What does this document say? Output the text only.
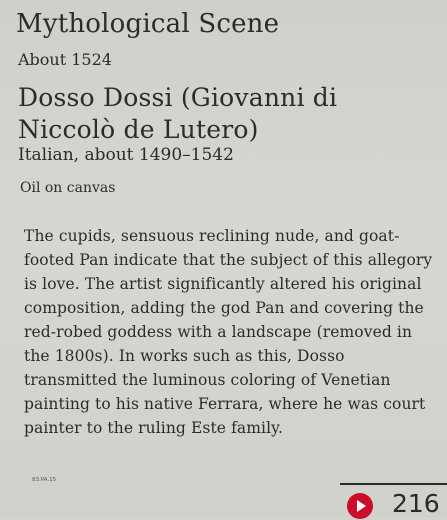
Mythological Scene
About 1524
Dosso Dossi (Giovanni di Niccolò de Lutero)
Italian, about 1490–1542
Oil on canvas
The cupids, sensuous reclining nude, and goat-footed Pan indicate that the subject of this allegory is love. The artist significantly altered his original composition, adding the god Pan and covering the red-robed goddess with a landscape (removed in the 1800s). In works such as this, Dosso transmitted the luminous coloring of Venetian painting to his native Ferrara, where he was court painter to the ruling Este family.
83.PA.15
216
